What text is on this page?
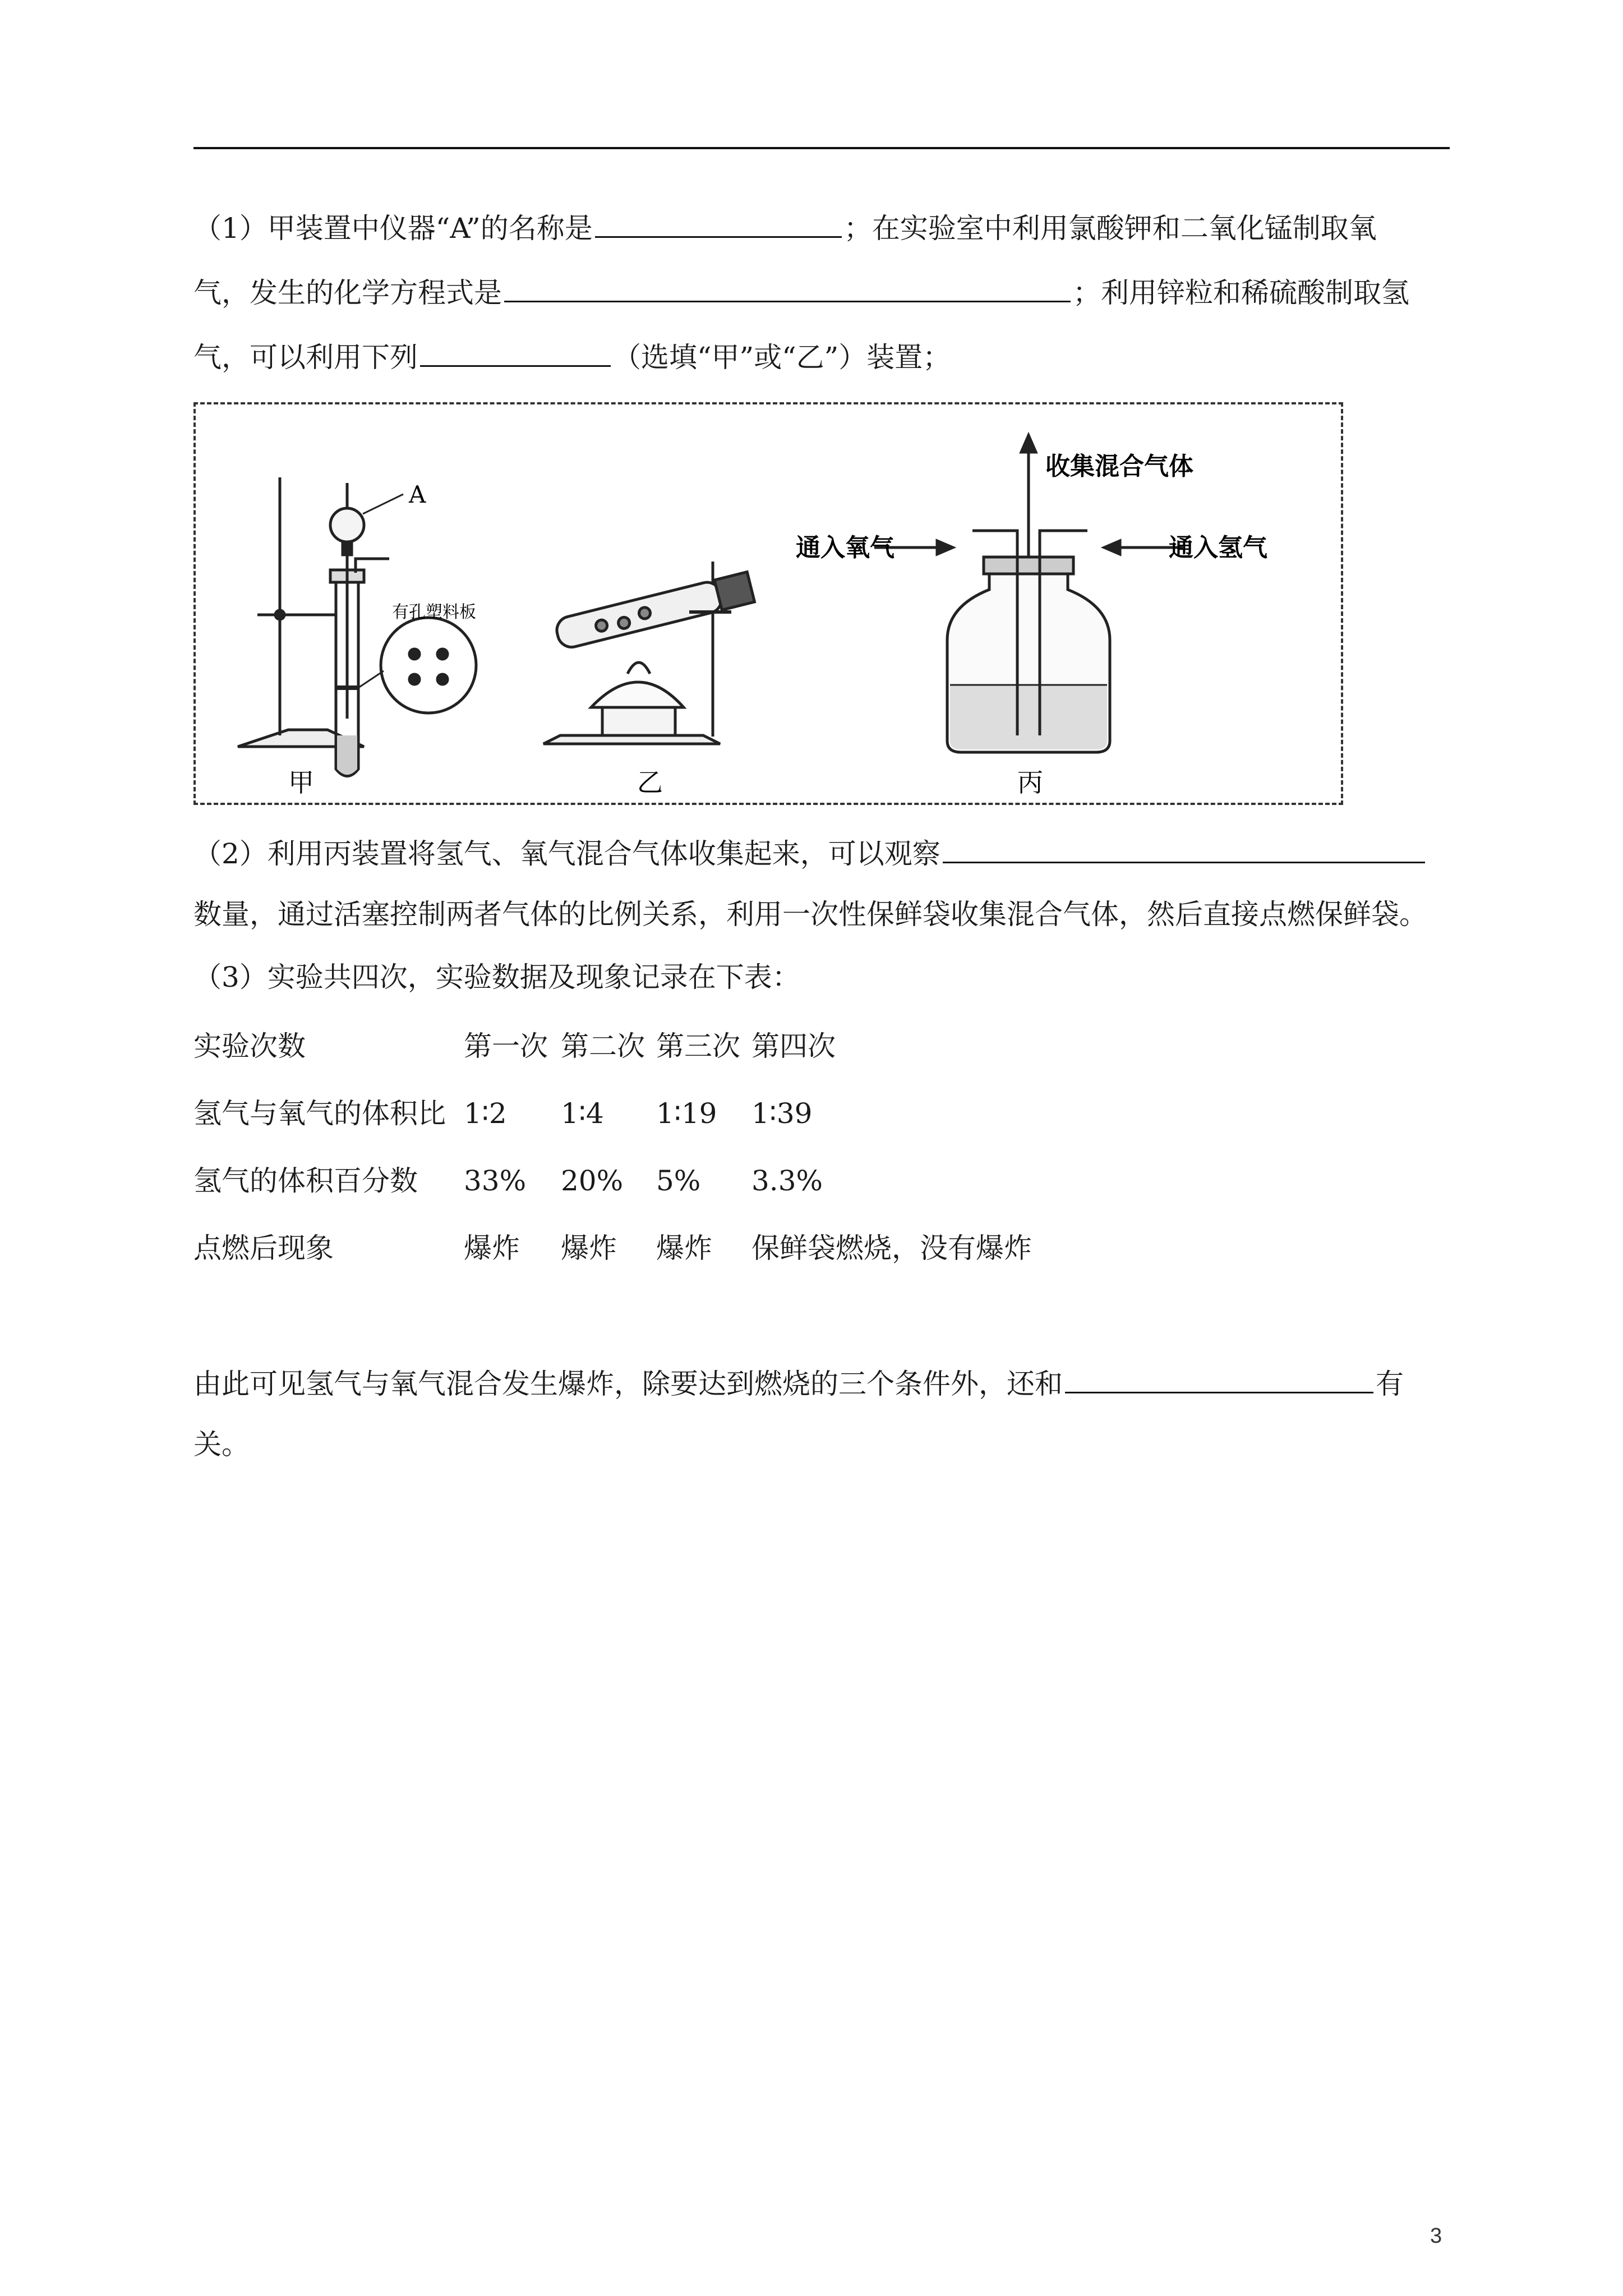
（1）甲装置中仪器“A”的名称是	；在实验室中利用氯酸钾和二氧化锰制取氧
气，发生的化学方程式是	；利用锌粒和稀硫酸制取氢
气，可以利用下列	（选填“甲”或“乙”）装置；
A
有孔塑料板
甲	乙
收集混合气体
通入氧气	通入氢气
丙
（2）利用丙装置将氢气、氧气混合气体收集起来，可以观察
数量，通过活塞控制两者气体的比例关系，利用一次性保鲜袋收集混合气体，然后直接点燃保鲜袋。
（3）实验共四次，实验数据及现象记录在下表：
实验次数	第一次 第二次 第三次 第四次
氢气与氧气的体积比 1∶2 1∶4 1∶19 1∶39
氢气的体积百分数 33% 20% 5% 3.3%
点燃后现象	爆炸 爆炸 爆炸 保鲜袋燃烧，没有爆炸
由此可见氢气与氧气混合发生爆炸，除要达到燃烧的三个条件外，还和	有
关。
3
